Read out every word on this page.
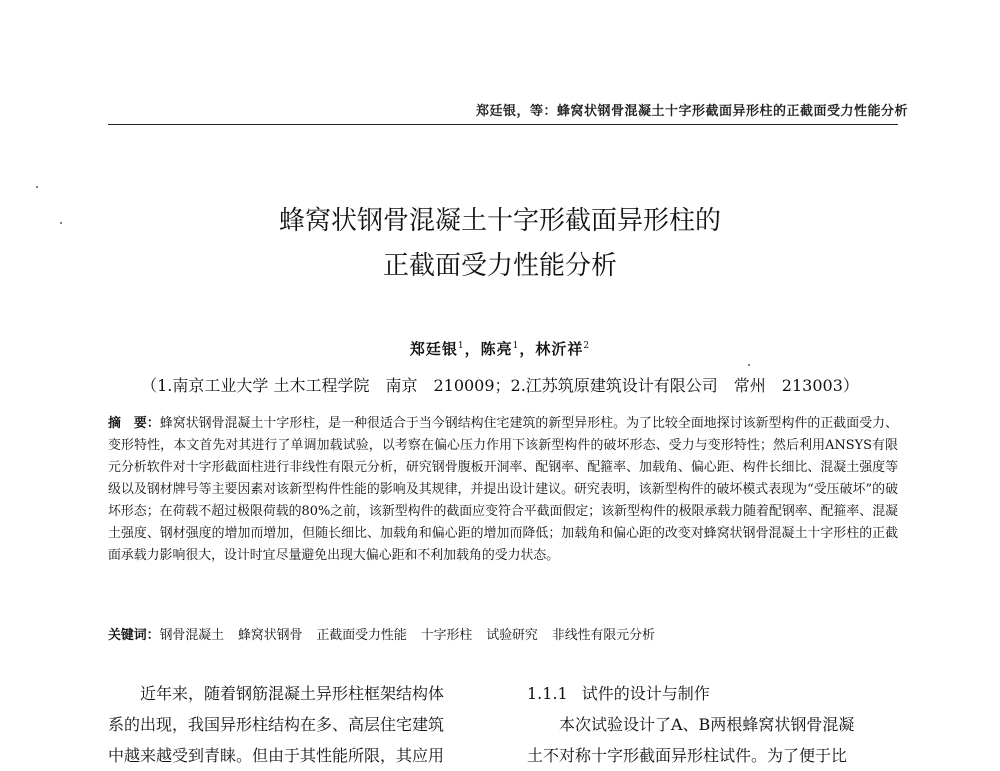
郑廷银，等：蜂窝状钢骨混凝土十字形截面异形柱的正截面受力性能分析
蜂窝状钢骨混凝土十字形截面异形柱的
正截面受力性能分析
郑廷银$^1$，陈亮$^1$，林沂祥$^2$
（1.南京工业大学 土木工程学院　南京　210009；2.江苏筑原建筑设计有限公司　常州　213003）
摘　要：蜂窝状钢骨混凝土十字形柱，是一种很适合于当今钢结构住宅建筑的新型异形柱。为了比较全面地探讨该新型构件的正截面受力、变形特性，本文首先对其进行了单调加载试验，以考察在偏心压力作用下该新型构件的破坏形态、受力与变形特性；然后利用ANSYS有限元分析软件对十字形截面柱进行非线性有限元分析，研究钢骨腹板开洞率、配钢率、配箍率、加载角、偏心距、构件长细比、混凝土强度等级以及钢材牌号等主要因素对该新型构件性能的影响及其规律，并提出设计建议。研究表明，该新型构件的破坏模式表现为“受压破坏”的破坏形态；在荷载不超过极限荷载的80%之前，该新型构件的截面应变符合平截面假定；该新型构件的极限承载力随着配钢率、配箍率、混凝土强度、钢材强度的增加而增加，但随长细比、加载角和偏心距的增加而降低；加载角和偏心距的改变对蜂窝状钢骨混凝土十字形柱的正截面承载力影响很大，设计时宜尽量避免出现大偏心距和不利加载角的受力状态。
关键词：钢骨混凝土 蜂窝状钢骨 正截面受力性能 十字形柱 试验研究 非线性有限元分析

近年来，随着钢筋混凝土异形柱框架结构体

系的出现，我国异形柱结构在多、高层住宅建筑

中越来越受到青睐。但由于其性能所限，其应用

1.1.1 试件的设计与制作

本次试验设计了A、B两根蜂窝状钢骨混凝

土不对称十字形截面异形柱试件。为了便于比
